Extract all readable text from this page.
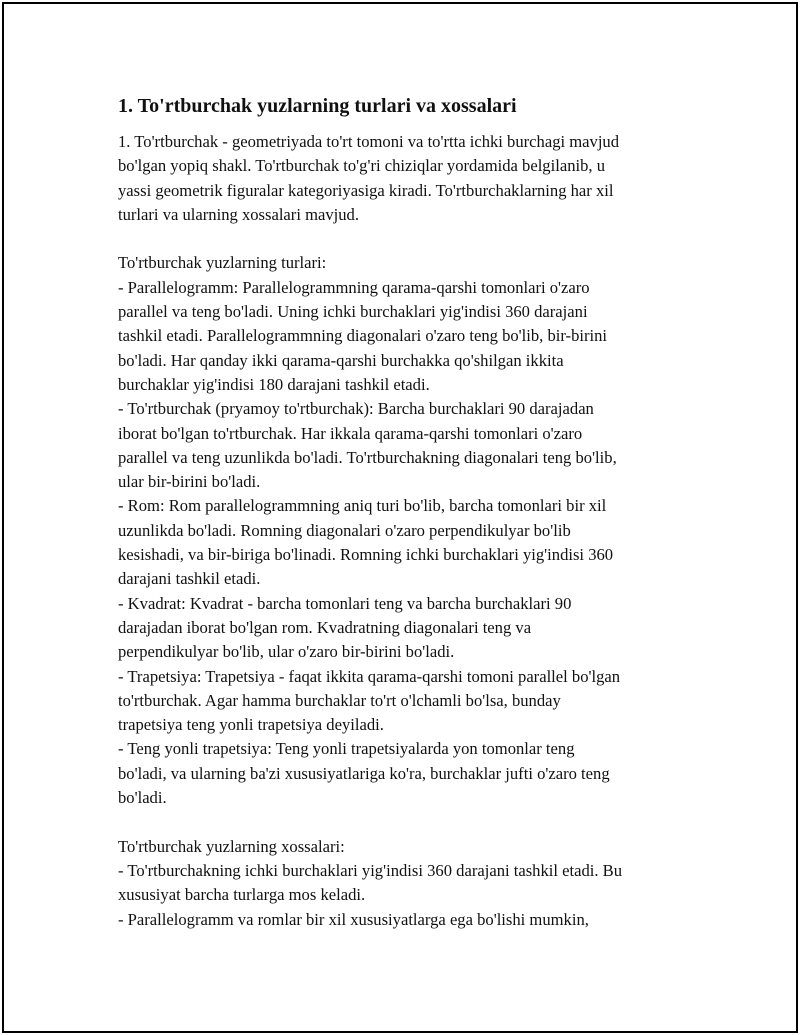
1. To'rtburchak yuzlarning turlari va xossalari
1. To'rtburchak - geometriyada to'rt tomoni va to'rtta ichki burchagi mavjud
bo'lgan yopiq shakl. To'rtburchak to'g'ri chiziqlar yordamida belgilanib, u
yassi geometrik figuralar kategoriyasiga kiradi. To'rtburchaklarning har xil
turlari va ularning xossalari mavjud.
To'rtburchak yuzlarning turlari:
- Parallelogramm: Parallelogrammning qarama-qarshi tomonlari o'zaro
parallel va teng bo'ladi. Uning ichki burchaklari yig'indisi 360 darajani
tashkil etadi. Parallelogrammning diagonalari o'zaro teng bo'lib, bir-birini
bo'ladi. Har qanday ikki qarama-qarshi burchakka qo'shilgan ikkita
burchaklar yig'indisi 180 darajani tashkil etadi.
- To'rtburchak (pryamoy to'rtburchak): Barcha burchaklari 90 darajadan
iborat bo'lgan to'rtburchak. Har ikkala qarama-qarshi tomonlari o'zaro
parallel va teng uzunlikda bo'ladi. To'rtburchakning diagonalari teng bo'lib,
ular bir-birini bo'ladi.
- Rom: Rom parallelogrammning aniq turi bo'lib, barcha tomonlari bir xil
uzunlikda bo'ladi. Romning diagonalari o'zaro perpendikulyar bo'lib
kesishadi, va bir-biriga bo'linadi. Romning ichki burchaklari yig'indisi 360
darajani tashkil etadi.
- Kvadrat: Kvadrat - barcha tomonlari teng va barcha burchaklari 90
darajadan iborat bo'lgan rom. Kvadratning diagonalari teng va
perpendikulyar bo'lib, ular o'zaro bir-birini bo'ladi.
- Trapetsiya: Trapetsiya - faqat ikkita qarama-qarshi tomoni parallel bo'lgan
to'rtburchak. Agar hamma burchaklar to'rt o'lchamli bo'lsa, bunday
trapetsiya teng yonli trapetsiya deyiladi.
- Teng yonli trapetsiya: Teng yonli trapetsiyalarda yon tomonlar teng
bo'ladi, va ularning ba'zi xususiyatlariga ko'ra, burchaklar jufti o'zaro teng
bo'ladi.
To'rtburchak yuzlarning xossalari:
- To'rtburchakning ichki burchaklari yig'indisi 360 darajani tashkil etadi. Bu
xususiyat barcha turlarga mos keladi.
- Parallelogramm va romlar bir xil xususiyatlarga ega bo'lishi mumkin,
